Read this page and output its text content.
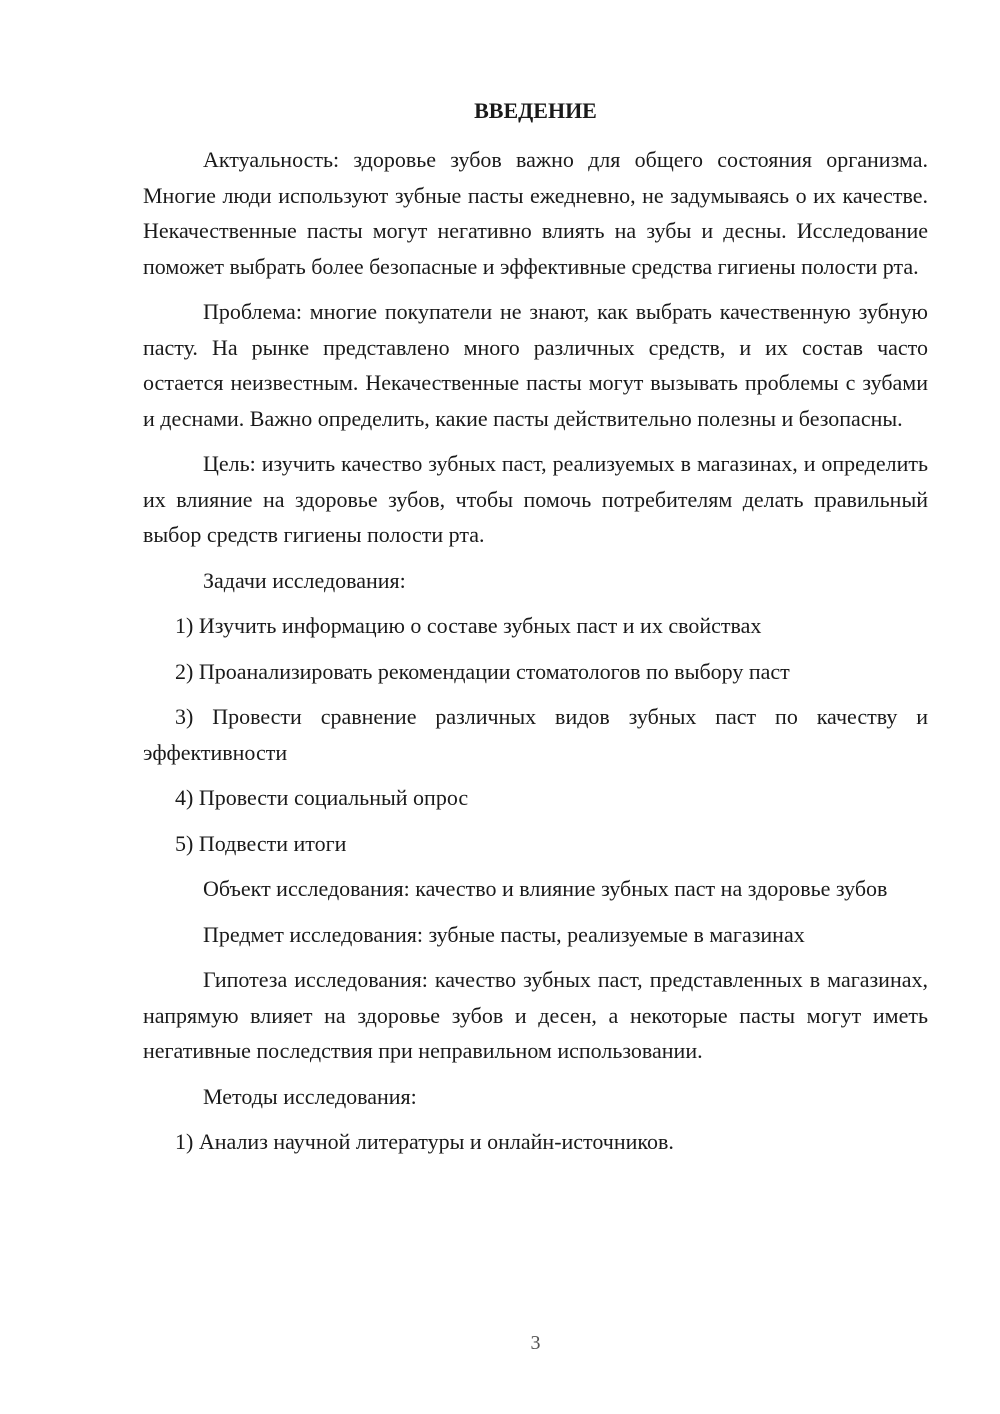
ВВЕДЕНИЕ

Актуальность: здоровье зубов важно для общего состояния организма. Многие люди используют зубные пасты ежедневно, не задумываясь о их качестве. Некачественные пасты могут негативно влиять на зубы и десны. Исследование поможет выбрать более безопасные и эффективные средства гигиены полости рта.

Проблема: многие покупатели не знают, как выбрать качественную зубную пасту. На рынке представлено много различных средств, и их состав часто остается неизвестным. Некачественные пасты могут вызывать проблемы с зубами и деснами. Важно определить, какие пасты действительно полезны и безопасны.

Цель: изучить качество зубных паст, реализуемых в магазинах, и определить их влияние на здоровье зубов, чтобы помочь потребителям делать правильный выбор средств гигиены полости рта.

Задачи исследования:

1) Изучить информацию о составе зубных паст и их свойствах

2) Проанализировать рекомендации стоматологов по выбору паст

3) Провести сравнение различных видов зубных паст по качеству и эффективности

4) Провести социальный опрос

5) Подвести итоги

Объект исследования: качество и влияние зубных паст на здоровье зубов

Предмет исследования: зубные пасты, реализуемые в магазинах

Гипотеза исследования: качество зубных паст, представленных в магазинах, напрямую влияет на здоровье зубов и десен, а некоторые пасты могут иметь негативные последствия при неправильном использовании.

Методы исследования:

1) Анализ научной литературы и онлайн-источников.

3
